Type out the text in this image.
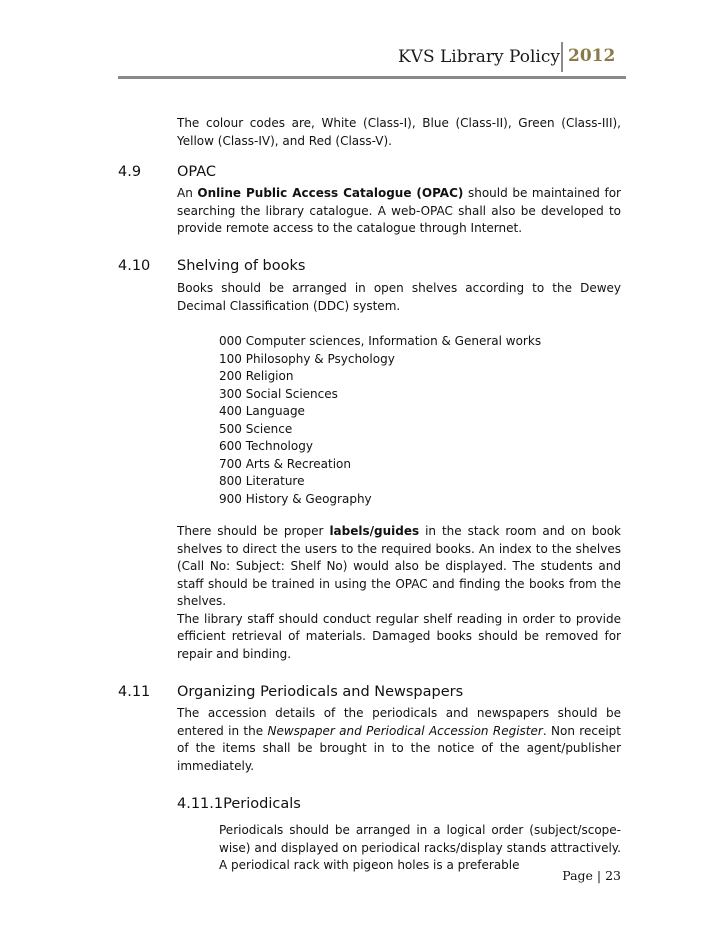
KVS Library Policy 2012

The colour codes are, White (Class-I), Blue (Class-II), Green (Class-III), Yellow (Class-IV), and Red (Class-V).

4.9 OPAC

An Online Public Access Catalogue (OPAC) should be maintained for searching the library catalogue. A web-OPAC shall also be developed to provide remote access to the catalogue through Internet.

4.10 Shelving of books

Books should be arranged in open shelves according to the Dewey Decimal Classification (DDC) system.

000 Computer sciences, Information & General works
100 Philosophy & Psychology
200 Religion
300 Social Sciences
400 Language
500 Science
600 Technology
700 Arts & Recreation
800 Literature
900 History & Geography

There should be proper labels/guides in the stack room and on book shelves to direct the users to the required books. An index to the shelves (Call No: Subject: Shelf No) would also be displayed. The students and staff should be trained in using the OPAC and finding the books from the shelves.
The library staff should conduct regular shelf reading in order to provide efficient retrieval of materials. Damaged books should be removed for repair and binding.

4.11 Organizing Periodicals and Newspapers

The accession details of the periodicals and newspapers should be entered in the Newspaper and Periodical Accession Register. Non receipt of the items shall be brought in to the notice of the agent/publisher immediately.

4.11.1Periodicals

Periodicals should be arranged in a logical order (subject/scope-wise) and displayed on periodical racks/display stands attractively. A periodical rack with pigeon holes is a preferable

Page | 23
